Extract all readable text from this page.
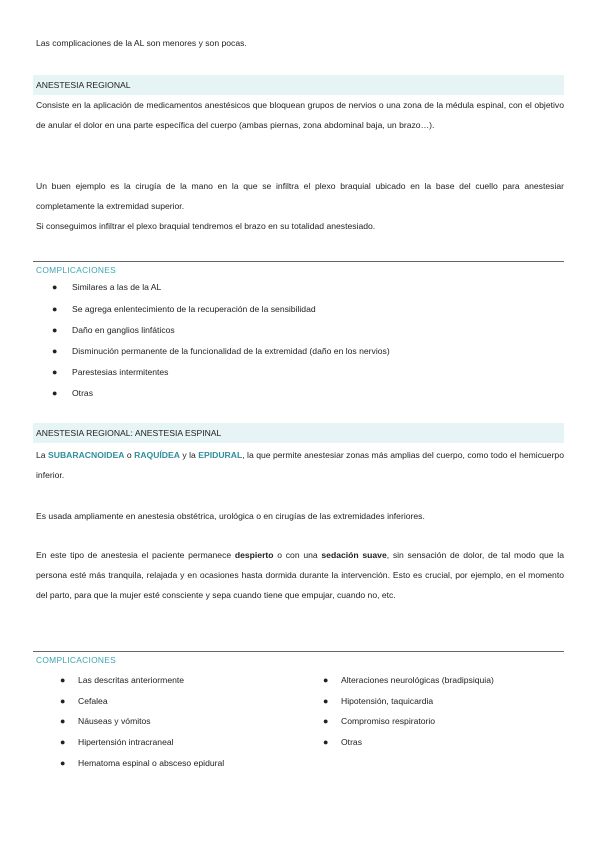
Las complicaciones de la AL son menores y son pocas.

ANESTESIA REGIONAL

Consiste en la aplicación de medicamentos anestésicos que bloquean grupos de nervios o una zona de la médula espinal, con el objetivo de anular el dolor en una parte específica del cuerpo (ambas piernas, zona abdominal baja, un brazo…).

Un buen ejemplo es la cirugía de la mano en la que se infiltra el plexo braquial ubicado en la base del cuello para anestesiar completamente la extremidad superior.

Si conseguimos infiltrar el plexo braquial tendremos el brazo en su totalidad anestesiado.

COMPLICACIONES
● Similares a las de la AL
● Se agrega enlentecimiento de la recuperación de la sensibilidad
● Daño en ganglios linfáticos
● Disminución permanente de la funcionalidad de la extremidad (daño en los nervios)
● Parestesias intermitentes
● Otras
ANESTESIA REGIONAL: ANESTESIA ESPINAL

La SUBARACNOIDEA o RAQUÍDEA y la EPIDURAL, la que permite anestesiar zonas más amplias del cuerpo, como todo el hemicuerpo inferior.

Es usada ampliamente en anestesia obstétrica, urológica o en cirugías de las extremidades inferiores.

En este tipo de anestesia el paciente permanece despierto o con una sedación suave, sin sensación de dolor, de tal modo que la persona esté más tranquila, relajada y en ocasiones hasta dormida durante la intervención. Esto es crucial, por ejemplo, en el momento del parto, para que la mujer esté consciente y sepa cuando tiene que empujar, cuando no, etc.

COMPLICACIONES
● Las descritas anteriormente
● Cefalea
● Náuseas y vómitos
● Hipertensión intracraneal
● Hematoma espinal o absceso epidural
● Alteraciones neurológicas (bradipsiquia)
● Hipotensión, taquicardia
● Compromiso respiratorio
● Otras
